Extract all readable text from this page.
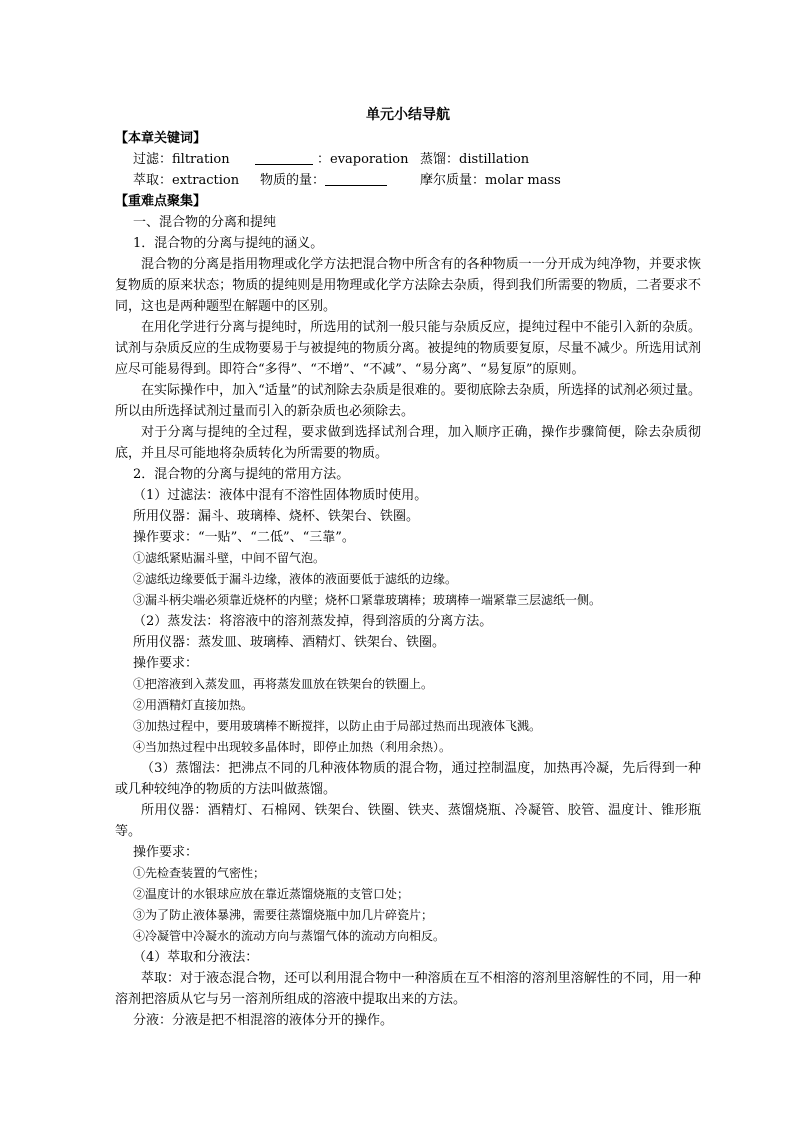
单元小结导航

【本章关键词】

过滤：filtration	：evaporation 蒸馏：distillation
萃取：extraction	物质的量：	摩尔质量：molar mass

【重难点聚集】

一、混合物的分离和提纯

1．混合物的分离与提纯的涵义。

混合物的分离是指用物理或化学方法把混合物中所含有的各种物质一一分开成为纯净物，并要求恢复物质的原来状态；物质的提纯则是用物理或化学方法除去杂质，得到我们所需要的物质，二者要求不同，这也是两种题型在解题中的区别。

在用化学进行分离与提纯时，所选用的试剂一般只能与杂质反应，提纯过程中不能引入新的杂质。试剂与杂质反应的生成物要易于与被提纯的物质分离。被提纯的物质要复原，尽量不减少。所选用试剂应尽可能易得到。即符合“多得”、“不增”、“不减”、“易分离”、“易复原”的原则。

在实际操作中，加入“适量”的试剂除去杂质是很难的。要彻底除去杂质，所选择的试剂必须过量。所以由所选择试剂过量而引入的新杂质也必须除去。

对于分离与提纯的全过程，要求做到选择试剂合理，加入顺序正确，操作步骤简便，除去杂质彻底，并且尽可能地将杂质转化为所需要的物质。

2．混合物的分离与提纯的常用方法。

（1）过滤法：液体中混有不溶性固体物质时使用。

所用仪器：漏斗、玻璃棒、烧杯、铁架台、铁圈。

操作要求：“一贴”、“二低”、“三靠”。

①滤纸紧贴漏斗壁，中间不留气泡。

②滤纸边缘要低于漏斗边缘，液体的液面要低于滤纸的边缘。

③漏斗柄尖端必须靠近烧杯的内壁；烧杯口紧靠玻璃棒；玻璃棒一端紧靠三层滤纸一侧。

（2）蒸发法：将溶液中的溶剂蒸发掉，得到溶质的分离方法。

所用仪器：蒸发皿、玻璃棒、酒精灯、铁架台、铁圈。

操作要求：

①把溶液到入蒸发皿，再将蒸发皿放在铁架台的铁圈上。

②用酒精灯直接加热。

③加热过程中，要用玻璃棒不断搅拌，以防止由于局部过热而出现液体飞溅。

④当加热过程中出现较多晶体时，即停止加热（利用余热）。

（3）蒸馏法：把沸点不同的几种液体物质的混合物，通过控制温度，加热再冷凝，先后得到一种或几种较纯净的物质的方法叫做蒸馏。

所用仪器：酒精灯、石棉网、铁架台、铁圈、铁夹、蒸馏烧瓶、冷凝管、胶管、温度计、锥形瓶等。

操作要求：

①先检查装置的气密性；

②温度计的水银球应放在靠近蒸馏烧瓶的支管口处；

③为了防止液体暴沸，需要往蒸馏烧瓶中加几片碎瓷片；

④冷凝管中冷凝水的流动方向与蒸馏气体的流动方向相反。

（4）萃取和分液法：

萃取：对于液态混合物，还可以利用混合物中一种溶质在互不相溶的溶剂里溶解性的不同，用一种溶剂把溶质从它与另一溶剂所组成的溶液中提取出来的方法。

分液：分液是把不相混溶的液体分开的操作。
